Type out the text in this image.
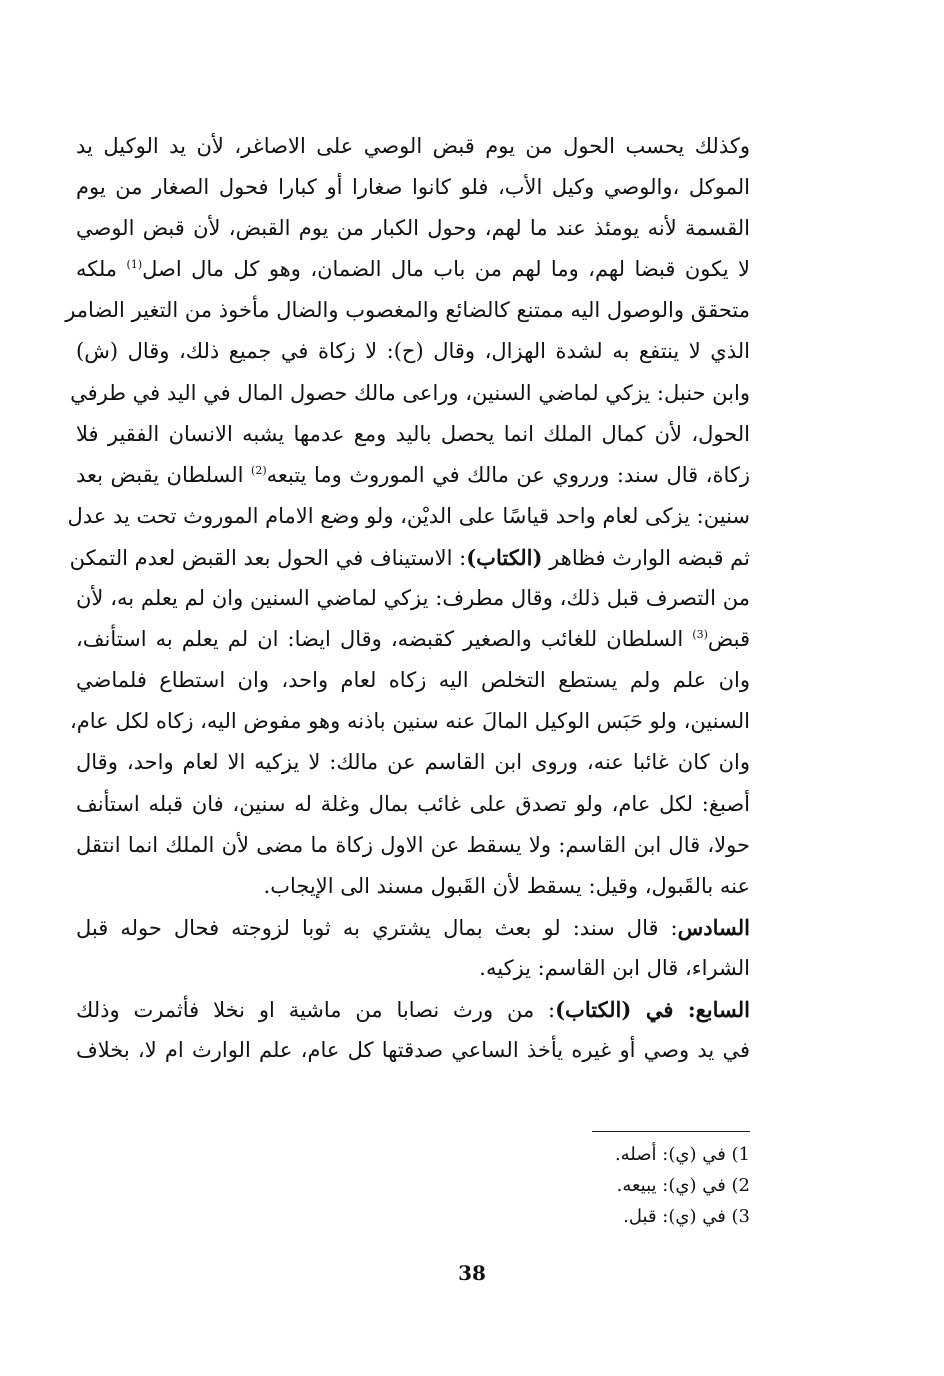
وكذلك يحسب الحول من يوم قبض الوصي على الاصاغر، لأن يد الوكيل يد
الموكل ،والوصي وكيل الأب، فلو كانوا صغارا أو كبارا فحول الصغار من يوم
القسمة لأنه يومئذ عند ما لهم، وحول الكبار من يوم القبض، لأن قبض الوصي
لا يكون قبضا لهم، وما لهم من باب مال الضمان، وهو كل مال اصل$^{(1)}$ ملكه
متحقق والوصول اليه ممتنع كالضائع والمغصوب والضال مأخوذ من التغير الضامر
الذي لا ينتفع به لشدة الهزال، وقال (ح): لا زكاة في جميع ذلك، وقال (ش)
وابن حنبل: يزكي لماضي السنين، وراعى مالك حصول المال في اليد في طرفي
الحول، لأن كمال الملك انما يحصل باليد ومع عدمها يشبه الانسان الفقير فلا
زكاة، قال سند: ورروي عن مالك في الموروث وما يتبعه$^{(2)}$ السلطان يقبض بعد
سنين: يزكى لعام واحد قياسًا على الديْن، ولو وضع الامام الموروث تحت يد عدل
ثم قبضه الوارث فظاهر (الكتاب): الاستيناف في الحول بعد القبض لعدم التمكن
من التصرف قبل ذلك، وقال مطرف: يزكي لماضي السنين وان لم يعلم به، لأن
قبض$^{(3)}$ السلطان للغائب والصغير كقبضه، وقال ايضا: ان لم يعلم به استأنف،
وان علم ولم يستطع التخلص اليه زكاه لعام واحد، وان استطاع فلماضي
السنين، ولو حَبَس الوكيل المالَ عنه سنين باذنه وهو مفوض اليه، زكاه لكل عام،
وان كان غائبا عنه، وروى ابن القاسم عن مالك: لا يزكيه الا لعام واحد، وقال
أصبغ: لكل عام، ولو تصدق على غائب بمال وغلة له سنين، فان قبله استأنف
حولا، قال ابن القاسم: ولا يسقط عن الاول زكاة ما مضى لأن الملك انما انتقل
عنه بالقَبول، وقيل: يسقط لأن القَبول مسند الى الإيجاب.
السادس: قال سند: لو بعث بمال يشتري به ثوبا لزوجته فحال حوله قبل
الشراء، قال ابن القاسم: يزكيه.
السابع: في (الكتاب): من ورث نصابا من ماشية او نخلا فأثمرت وذلك
في يد وصي أو غيره يأخذ الساعي صدقتها كل عام، علم الوارث ام لا، بخلاف
1) في (ي): أصله.
2) في (ي): يبيعه.
3) في (ي): قبل.
38
